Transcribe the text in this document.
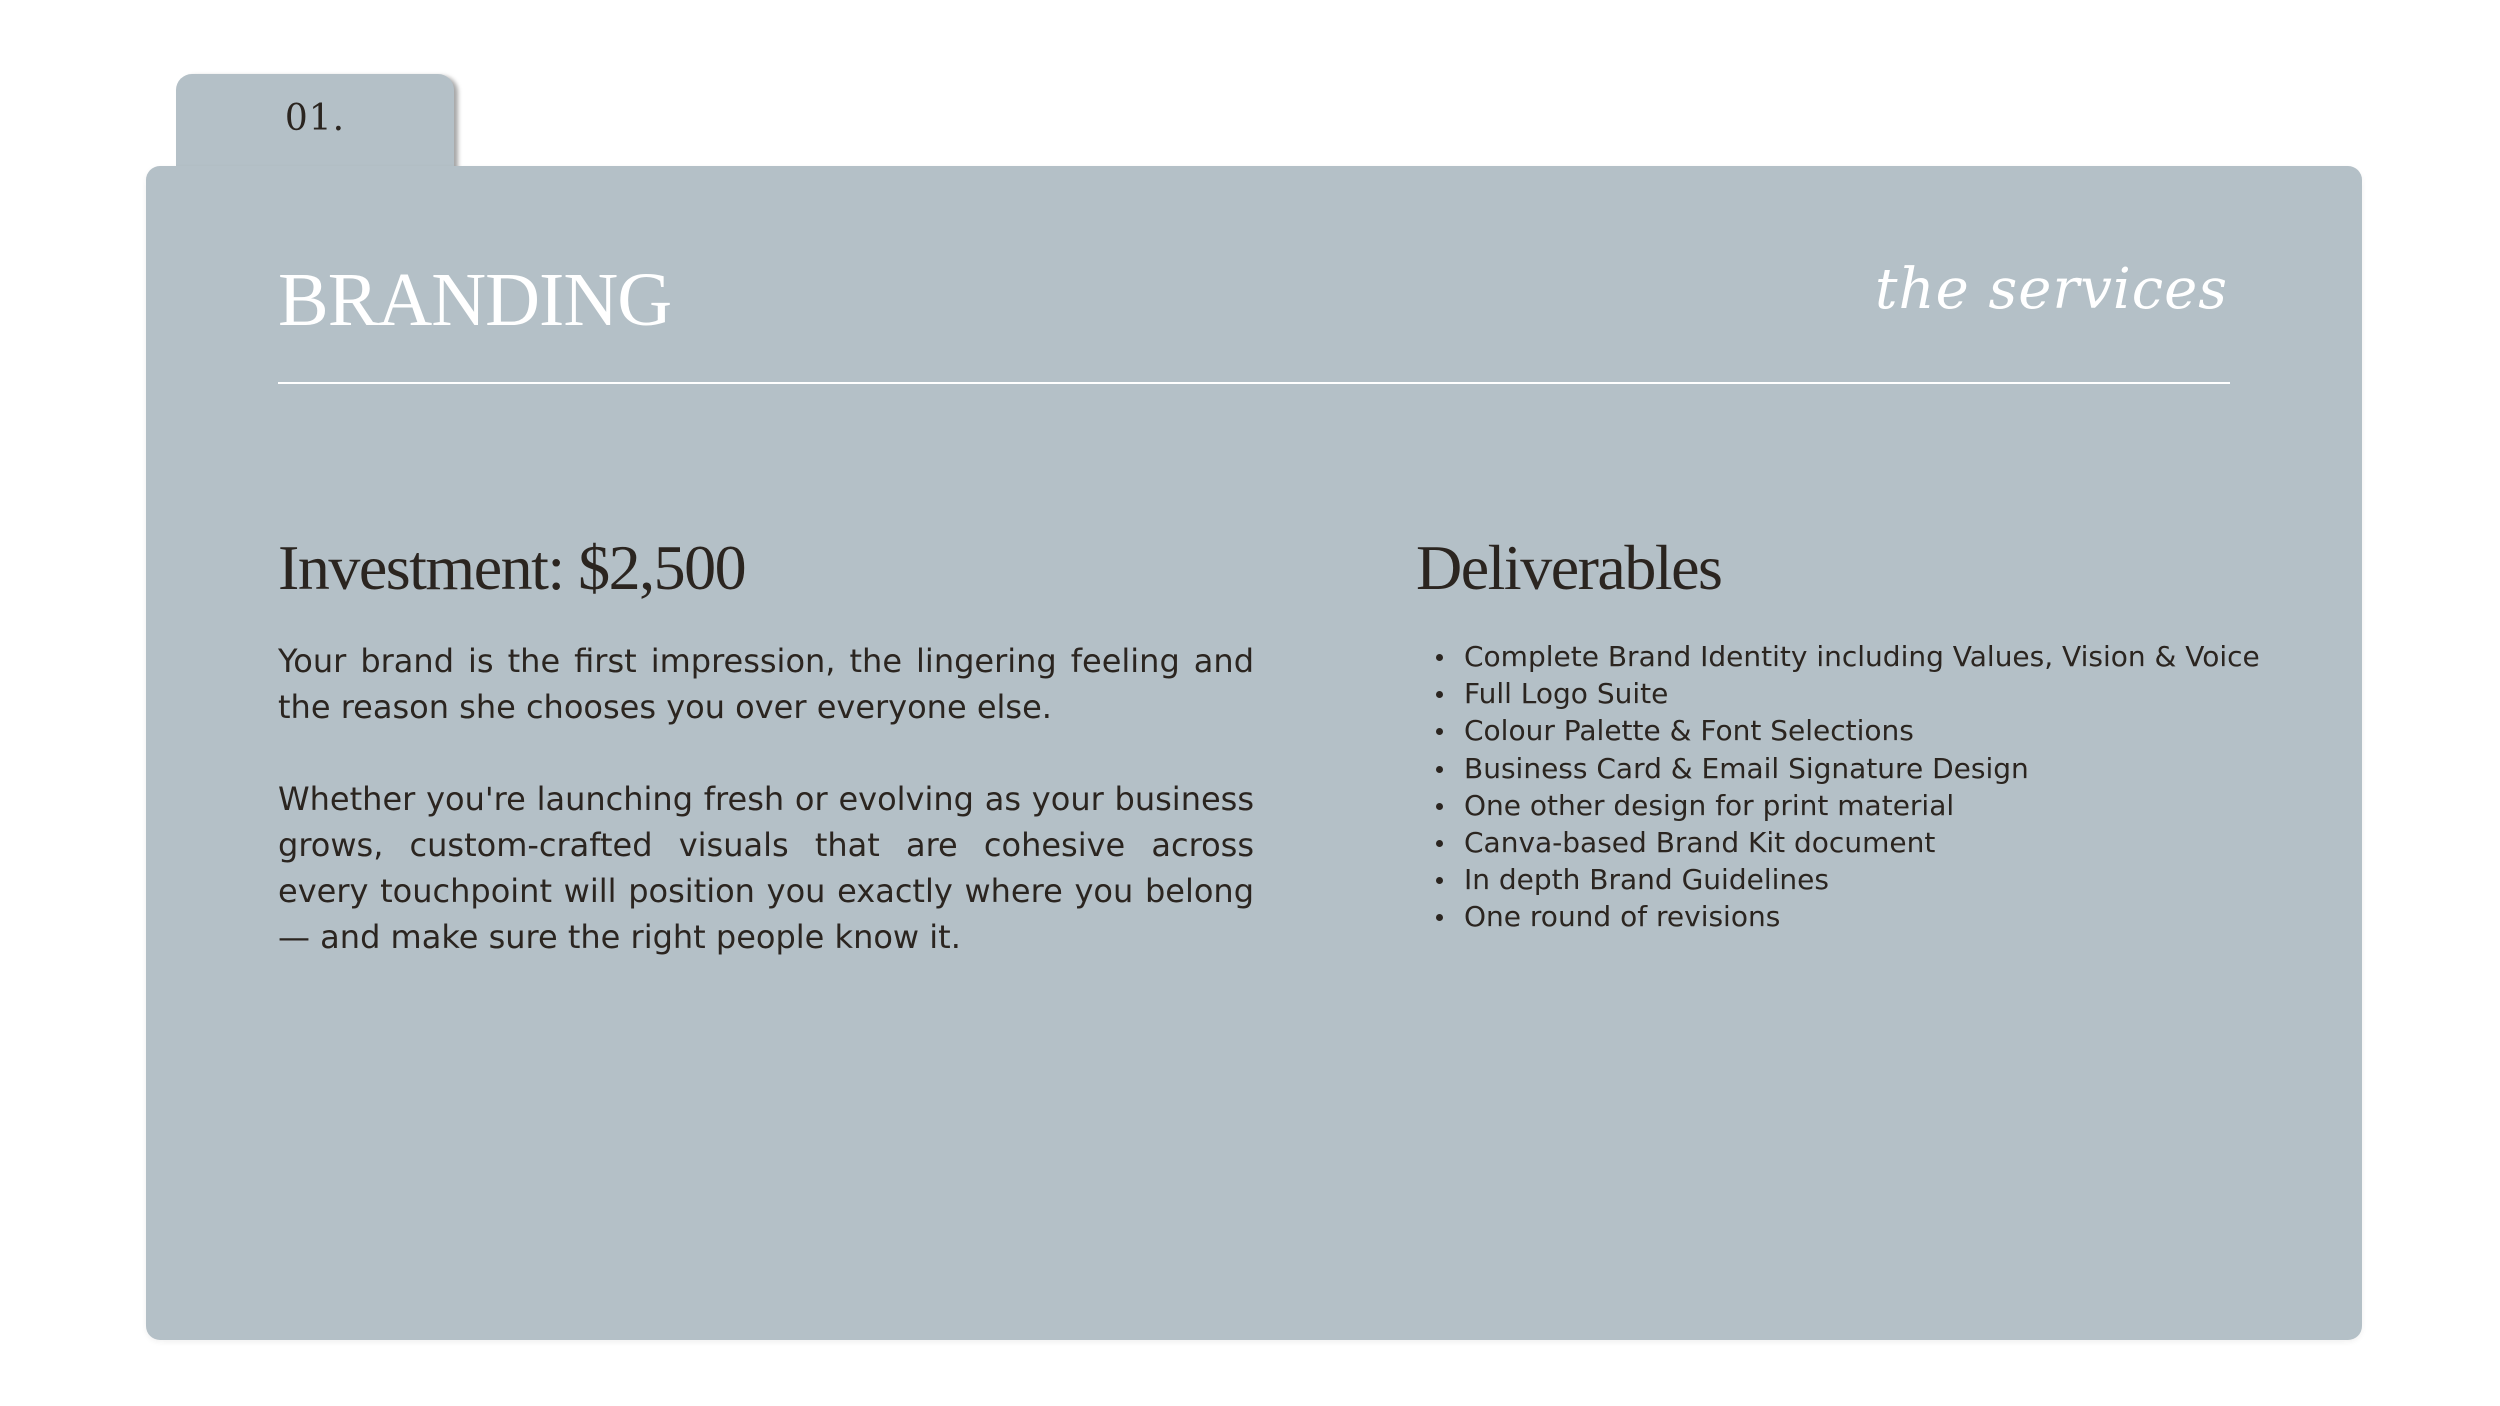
01.
BRANDING	the services
Investment: $2,500

Your brand is the first impression, the lingering feeling and the reason she chooses you over everyone else.

Whether you're launching fresh or evolving as your business grows, custom-crafted visuals that are cohesive across every touchpoint will position you exactly where you belong — and make sure the right people know it.

Deliverables
Complete Brand Identity including Values, Vision & Voice
Full Logo Suite
Colour Palette & Font Selections
Business Card & Email Signature Design
One other design for print material
Canva-based Brand Kit document
In depth Brand Guidelines
One round of revisions
